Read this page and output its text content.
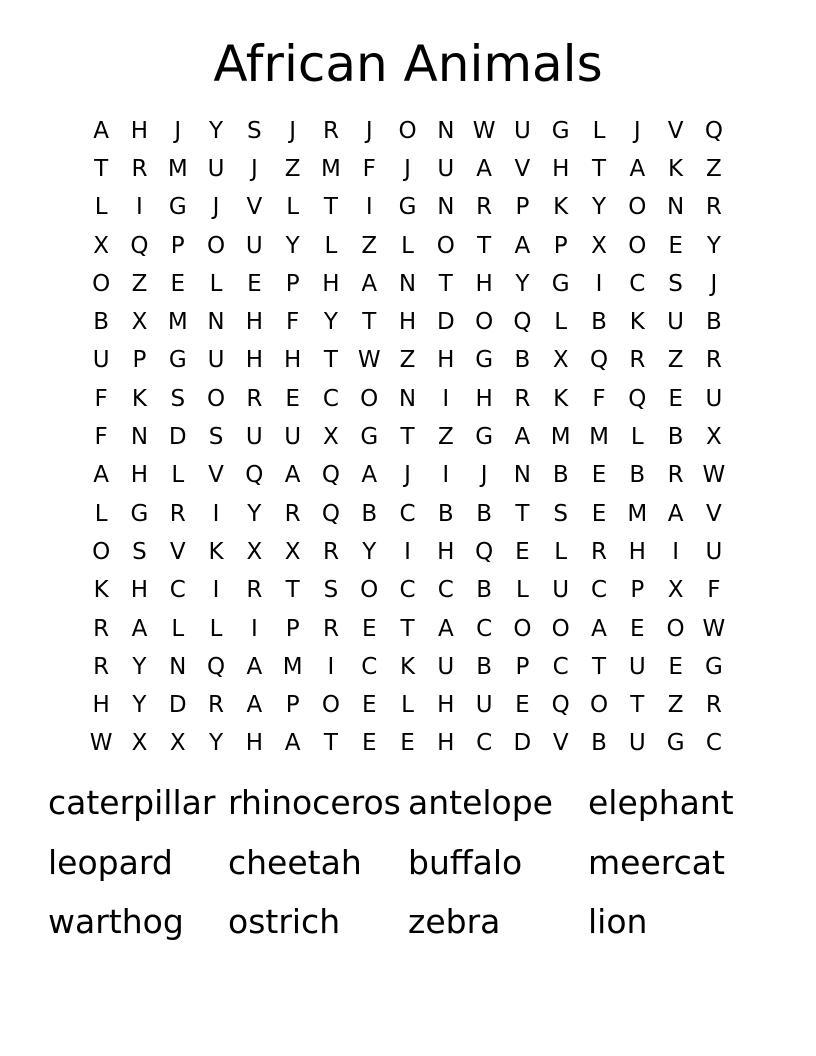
African Animals
A H	J	Y	S	J	R	J	O N W U G L	J	V Q
T	R M U	J	Z M F	J	U A V H T	A K Z
L	I	G	J	V	L	T	I	G N R	P	K	Y O N R
X Q P O U Y	L	Z	L O T	A	P	X O E	Y
O Z	E	L	E	P H A N T H Y G	I	C S	J
B X M N H	F	Y	T H D O Q L	B K U B
U P G U H H T W Z H G B X Q R Z R
F	K	S O R	E C O N	I	H R K	F Q E U
F	N D S U U X G T	Z G A M M L	B X
A H	L	V Q A Q A	J	I	J	N B	E	B R W
L G R	I	Y	R Q B C B B	T	S	E M A V
O S	V K X X R	Y	I	H Q E	L	R H	I	U
K H C	I	R	T	S O C C B	L	U C	P	X	F
R A	L	L	I	P	R	E	T	A C O O A	E O W
R	Y N Q A M	I	C K U B	P	C	T U E G
H Y D R A	P O E	L	H U E Q O T	Z R
W X X	Y H A	T	E	E H C D V B U G C
caterpillar rhinoceros antelope	elephant
leopard	cheetah	buffalo	meercat
warthog	ostrich	zebra	lion
